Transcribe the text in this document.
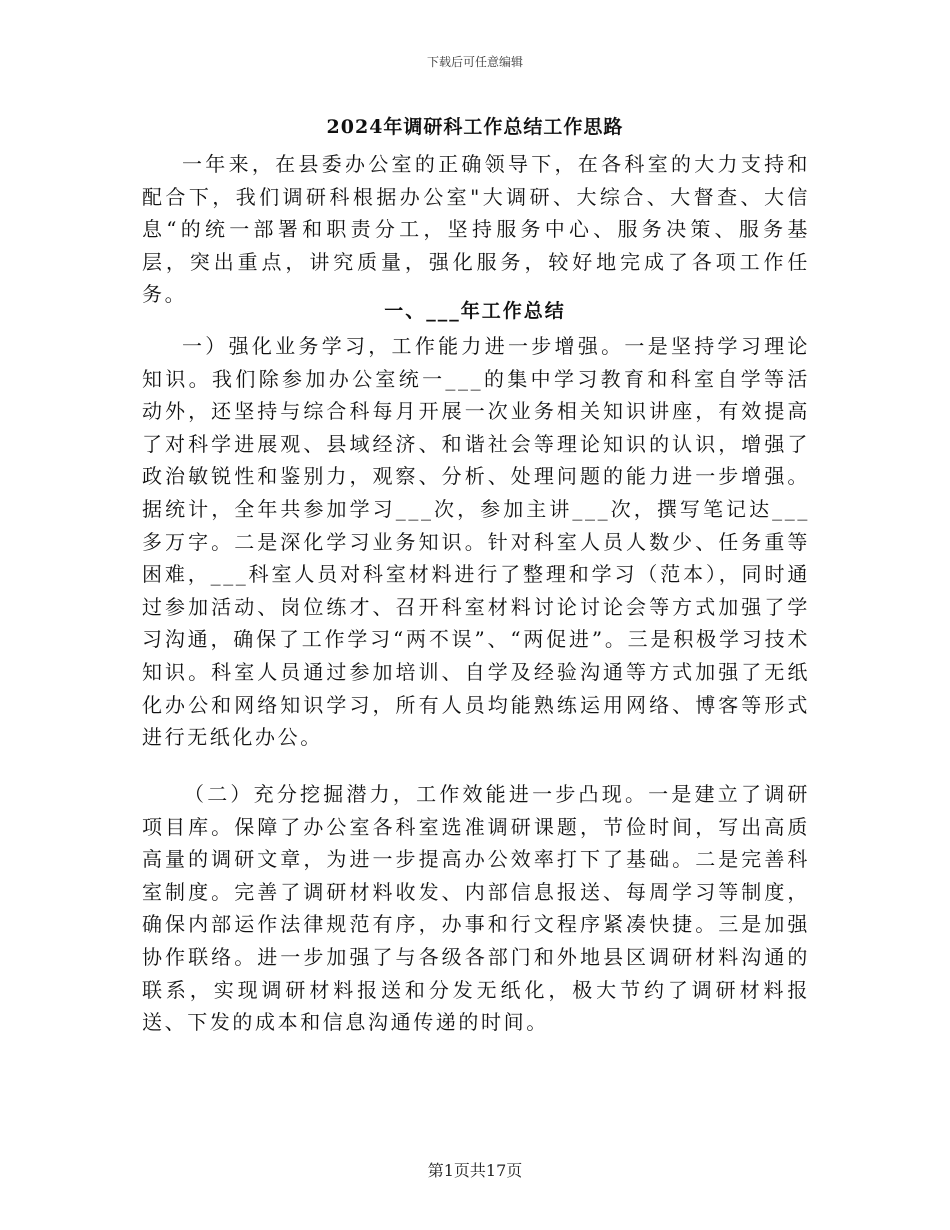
下载后可任意编辑
2024年调研科工作总结工作思路

一年来，在县委办公室的正确领导下，在各科室的大力支持和配合下，我们调研科根据办公室"大调研、大综合、大督查、大信息“的统一部署和职责分工，坚持服务中心、服务决策、服务基层，突出重点，讲究质量，强化服务，较好地完成了各项工作任务。

一、___年工作总结

一）强化业务学习，工作能力进一步增强。一是坚持学习理论知识。我们除参加办公室统一___的集中学习教育和科室自学等活动外，还坚持与综合科每月开展一次业务相关知识讲座，有效提高了对科学进展观、县域经济、和谐社会等理论知识的认识，增强了政治敏锐性和鉴别力，观察、分析、处理问题的能力进一步增强。据统计，全年共参加学习___次，参加主讲___次，撰写笔记达___多万字。二是深化学习业务知识。针对科室人员人数少、任务重等困难，___科室人员对科室材料进行了整理和学习（范本），同时通过参加活动、岗位练才、召开科室材料讨论讨论会等方式加强了学习沟通，确保了工作学习“两不误”、“两促进”。三是积极学习技术知识。科室人员通过参加培训、自学及经验沟通等方式加强了无纸化办公和网络知识学习，所有人员均能熟练运用网络、博客等形式进行无纸化办公。

（二）充分挖掘潜力，工作效能进一步凸现。一是建立了调研项目库。保障了办公室各科室选准调研课题，节俭时间，写出高质高量的调研文章，为进一步提高办公效率打下了基础。二是完善科室制度。完善了调研材料收发、内部信息报送、每周学习等制度，确保内部运作法律规范有序，办事和行文程序紧凑快捷。三是加强协作联络。进一步加强了与各级各部门和外地县区调研材料沟通的联系，实现调研材料报送和分发无纸化，极大节约了调研材料报送、下发的成本和信息沟通传递的时间。

第1页共17页
